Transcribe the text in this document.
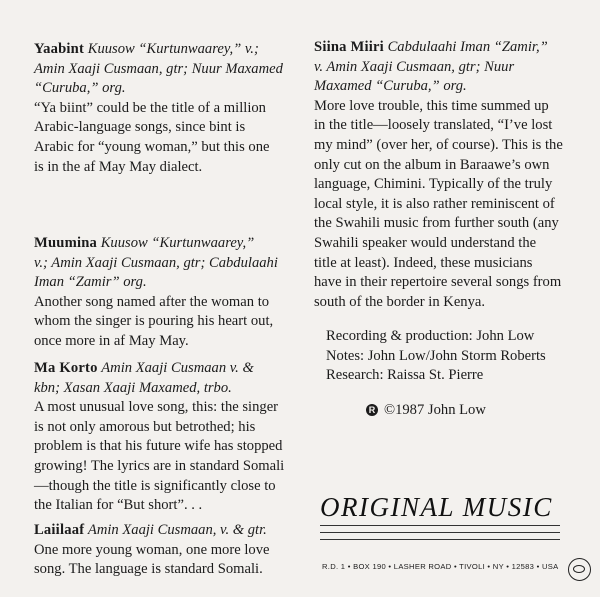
Yaabint Kuusow “Kurtunwaarey,” v.;
Amin Xaaji Cusmaan, gtr; Nuur Maxamed
“Curuba,” org.
“Ya biint” could be the title of a million
Arabic-language songs, since bint is
Arabic for “young woman,” but this one
is in the af May May dialect.
Muumina Kuusow “Kurtunwaarey,”
v.; Amin Xaaji Cusmaan, gtr; Cabdulaahi
Iman “Zamir” org.
Another song named after the woman to
whom the singer is pouring his heart out,
once more in af May May.
Ma Korto Amin Xaaji Cusmaan v. &
kbn; Xasan Xaaji Maxamed, trbo.
A most unusual love song, this: the singer
is not only amorous but betrothed; his
problem is that his future wife has stopped
growing! The lyrics are in standard Somali
—though the title is significantly close to
the Italian for “But short”. . .
Laiilaaf Amin Xaaji Cusmaan, v. & gtr.
One more young woman, one more love
song. The language is standard Somali.
Siina Miiri Cabdulaahi Iman “Zamir,”
v. Amin Xaaji Cusmaan, gtr; Nuur
Maxamed “Curuba,” org.
More love trouble, this time summed up
in the title—loosely translated, “I’ve lost
my mind” (over her, of course). This is the
only cut on the album in Baraawe’s own
language, Chimini. Typically of the truly
local style, it is also rather reminiscent of
the Swahili music from further south (any
Swahili speaker would understand the
title at least). Indeed, these musicians
have in their repertoire several songs from
south of the border in Kenya.
Recording & production: John Low
Notes: John Low/John Storm Roberts
Research: Raissa St. Pierre
R ©1987 John Low
ORIGINAL MUSIC
R.D. 1 • BOX 190 • LASHER ROAD • TIVOLI • NY • 12583 • USA
